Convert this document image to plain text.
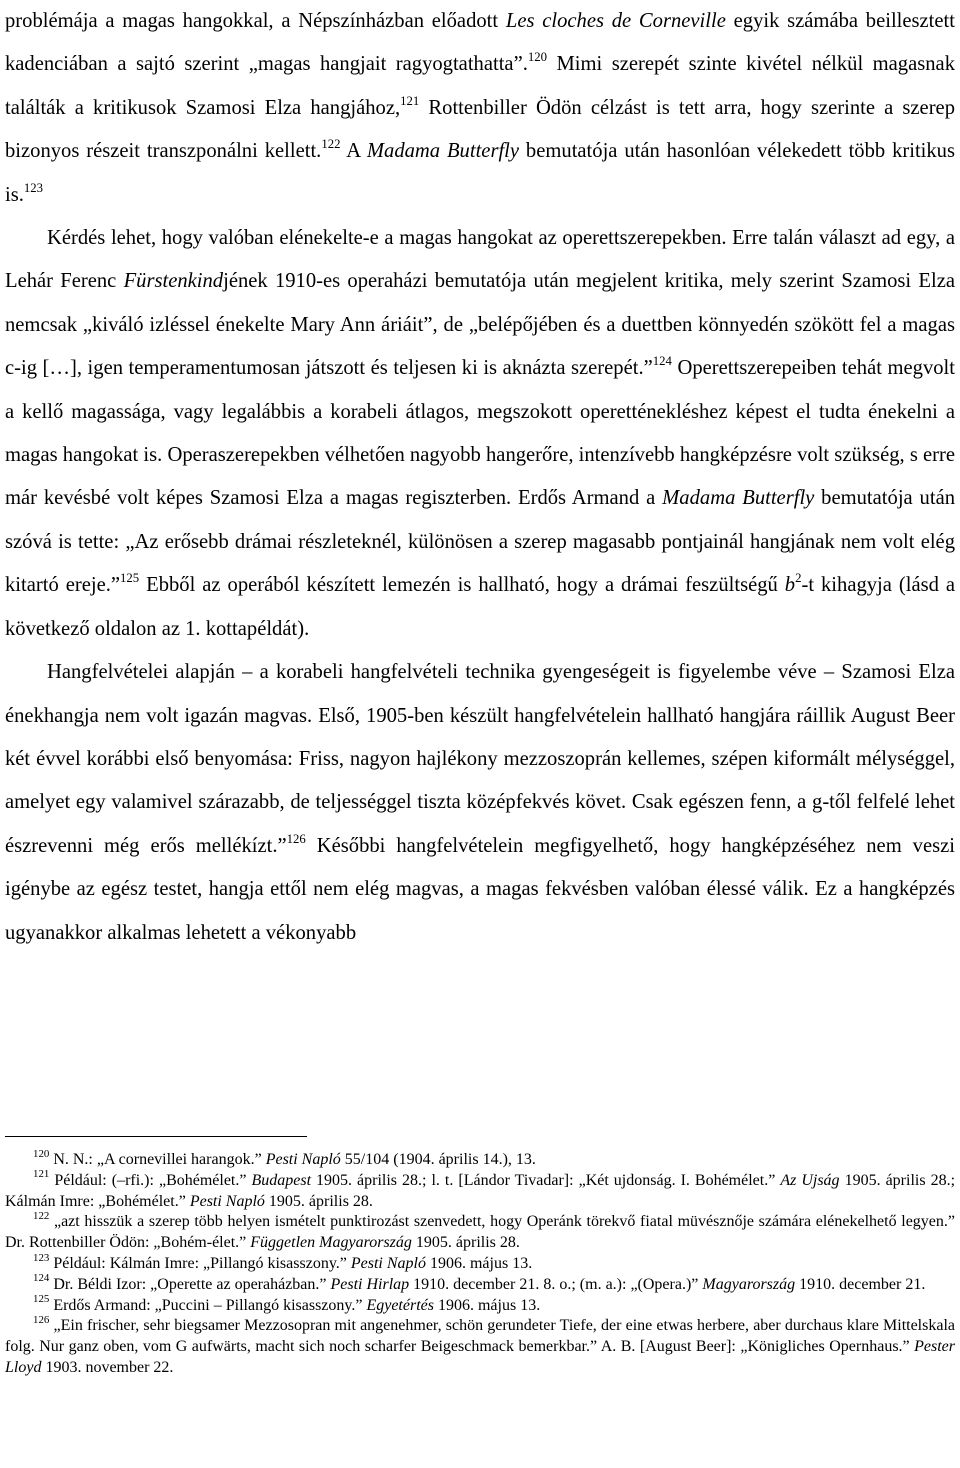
problémája a magas hangokkal, a Népszínházban előadott Les cloches de Corneville egyik számába beillesztett kadenciában a sajtó szerint „magas hangjait ragyogtathatta”.$^{120}$ Mimi szerepét szinte kivétel nélkül magasnak találták a kritikusok Szamosi Elza hangjához,$^{121}$ Rottenbiller Ödön célzást is tett arra, hogy szerinte a szerep bizonyos részeit transzponálni kellett.$^{122}$ A Madama Butterfly bemutatója után hasonlóan vélekedett több kritikus is.$^{123}$

Kérdés lehet, hogy valóban elénekelte-e a magas hangokat az operettszerepekben. Erre talán választ ad egy, a Lehár Ferenc Fürstenkindjének 1910-es operaházi bemutatója után megjelent kritika, mely szerint Szamosi Elza nemcsak „kiváló izléssel énekelte Mary Ann áriáit”, de „belépőjében és a duettben könnyedén szökött fel a magas c-ig […], igen temperamentumosan játszott és teljesen ki is aknázta szerepét.”$^{124}$ Operettszerepeiben tehát megvolt a kellő magassága, vagy legalábbis a korabeli átlagos, megszokott operetténekléshez képest el tudta énekelni a magas hangokat is. Operaszerepekben vélhetően nagyobb hangerőre, intenzívebb hangképzésre volt szükség, s erre már kevésbé volt képes Szamosi Elza a magas regiszterben. Erdős Armand a Madama Butterfly bemutatója után szóvá is tette: „Az erősebb drámai részleteknél, különösen a szerep magasabb pontjainál hangjának nem volt elég kitartó ereje.”$^{125}$ Ebből az operából készített lemezén is hallható, hogy a drámai feszültségű $b^2-t$ kihagyja (lásd a következő oldalon az 1. kottapéldát).

Hangfelvételei alapján – a korabeli hangfelvételi technika gyengeségeit is figyelembe véve – Szamosi Elza énekhangja nem volt igazán magvas. Első, 1905-ben készült hangfelvételein hallható hangjára ráillik August Beer két évvel korábbi első benyomása: Friss, nagyon hajlékony mezzoszoprán kellemes, szépen kiformált mélységgel, amelyet egy valamivel szárazabb, de teljességgel tiszta középfekvés követ. Csak egészen fenn, a g-től felfelé lehet észrevenni még erős mellékízt.”$^{126}$ Későbbi hangfelvételein megfigyelhető, hogy hangképzéséhez nem veszi igénybe az egész testet, hangja ettől nem elég magvas, a magas fekvésben valóban élessé válik. Ez a hangképzés ugyanakkor alkalmas lehetett a vékonyabb

$^{120}$ N. N.: „A cornevillei harangok.” Pesti Napló 55/104 (1904. április 14.), 13.

$^{121}$ Például: (–rfi.): „Bohémélet.” Budapest 1905. április 28.; l. t. [Lándor Tivadar]: „Két ujdonság. I. Bohémélet.” Az Ujság 1905. április 28.; Kálmán Imre: „Bohémélet.” Pesti Napló 1905. április 28.

$^{122}$ „azt hisszük a szerep több helyen ismételt punktirozást szenvedett, hogy Operánk törekvő fiatal müvésznője számára elénekelhető legyen.” Dr. Rottenbiller Ödön: „Bohém-élet.” Független Magyarország 1905. április 28.

$^{123}$ Például: Kálmán Imre: „Pillangó kisasszony.” Pesti Napló 1906. május 13.

$^{124}$ Dr. Béldi Izor: „Operette az operaházban.” Pesti Hirlap 1910. december 21. 8. o.; (m. a.): „(Opera.)” Magyarország 1910. december 21.

$^{125}$ Erdős Armand: „Puccini – Pillangó kisasszony.” Egyetértés 1906. május 13.

$^{126}$ „Ein frischer, sehr biegsamer Mezzosopran mit angenehmer, schön gerundeter Tiefe, der eine etwas herbere, aber durchaus klare Mittelskala folg. Nur ganz oben, vom G aufwärts, macht sich noch scharfer Beigeschmack bemerkbar.” A. B. [August Beer]: „Königliches Opernhaus.” Pester Lloyd 1903. november 22.
